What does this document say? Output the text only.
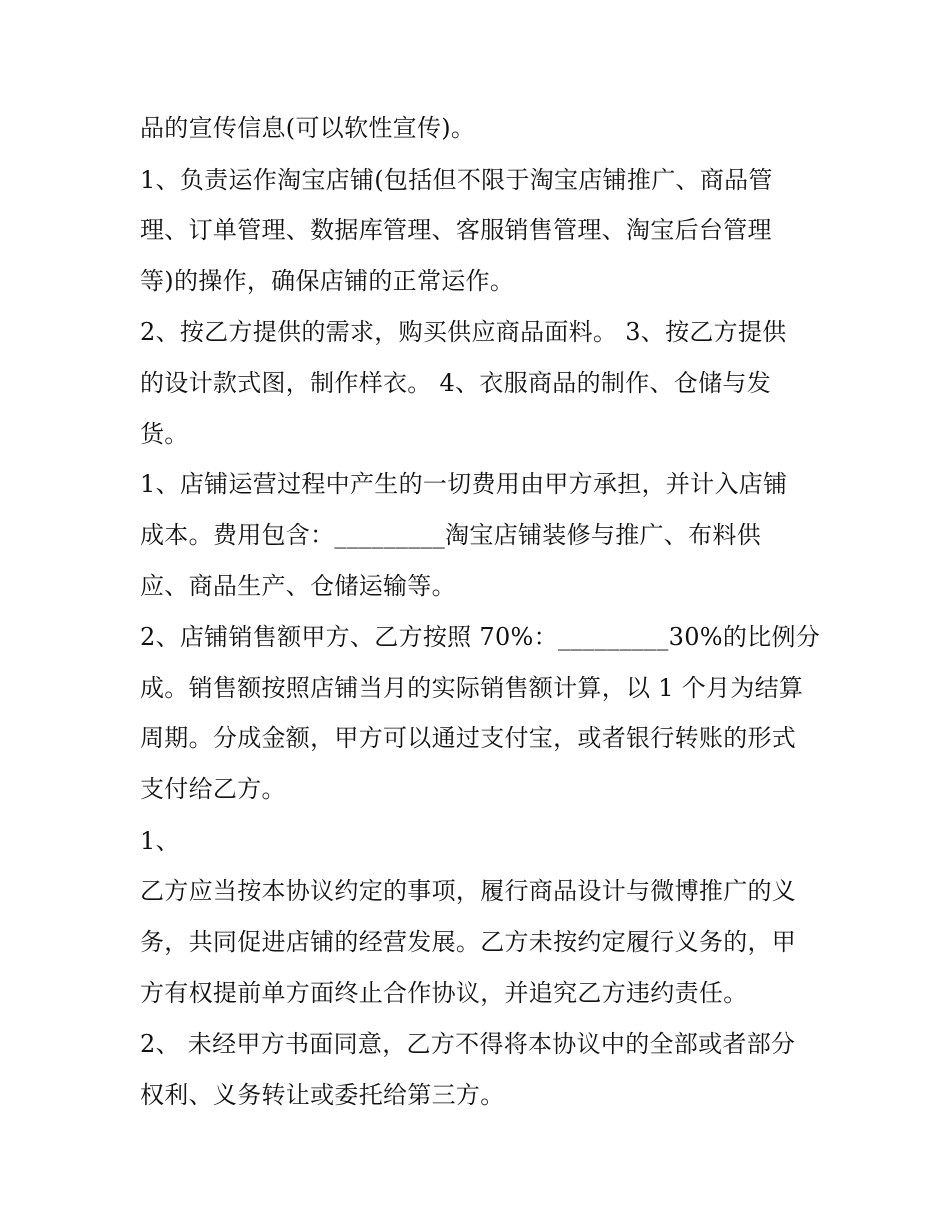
品的宣传信息(可以软性宣传)。

1、负责运作淘宝店铺(包括但不限于淘宝店铺推广、商品管

理、订单管理、数据库管理、客服销售管理、淘宝后台管理

等)的操作，确保店铺的正常运作。

2、按乙方提供的需求，购买供应商品面料。 3、按乙方提供

的设计款式图，制作样衣。 4、衣服商品的制作、仓储与发

货。

1、店铺运营过程中产生的一切费用由甲方承担，并计入店铺

成本。费用包含：_________淘宝店铺装修与推广、布料供

应、商品生产、仓储运输等。

2、店铺销售额甲方、乙方按照 70%：_________30%的比例分

成。销售额按照店铺当月的实际销售额计算，以 1 个月为结算

周期。分成金额，甲方可以通过支付宝，或者银行转账的形式

支付给乙方。

1、

乙方应当按本协议约定的事项，履行商品设计与微博推广的义

务，共同促进店铺的经营发展。乙方未按约定履行义务的，甲

方有权提前单方面终止合作协议，并追究乙方违约责任。

2、 未经甲方书面同意，乙方不得将本协议中的全部或者部分

权利、义务转让或委托给第三方。
